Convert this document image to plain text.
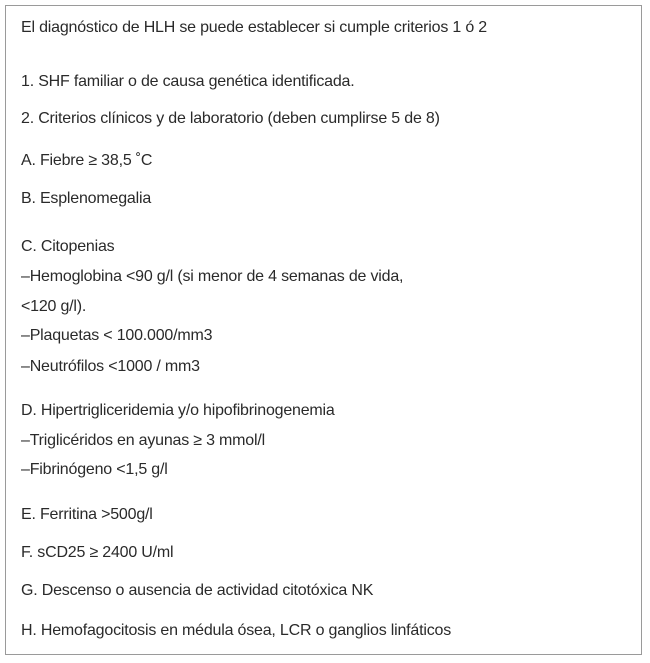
El diagnóstico de HLH se puede establecer si cumple criterios 1 ó 2
1. SHF familiar o de causa genética identificada.
2. Criterios clínicos y de laboratorio (deben cumplirse 5 de 8)
A. Fiebre ≥ 38,5 ˚C
B. Esplenomegalia
C. Citopenias
–Hemoglobina <90 g/l (si menor de 4 semanas de vida,
<120 g/l).
–Plaquetas < 100.000/mm3
–Neutrófilos <1000 / mm3
D. Hipertrigliceridemia y/o hipofibrinogenemia
–Triglicéridos en ayunas ≥ 3 mmol/l
–Fibrinógeno <1,5 g/l
E. Ferritina >500g/l
F. sCD25 ≥ 2400 U/ml
G. Descenso o ausencia de actividad citotóxica NK
H. Hemofagocitosis en médula ósea, LCR o ganglios linfáticos
